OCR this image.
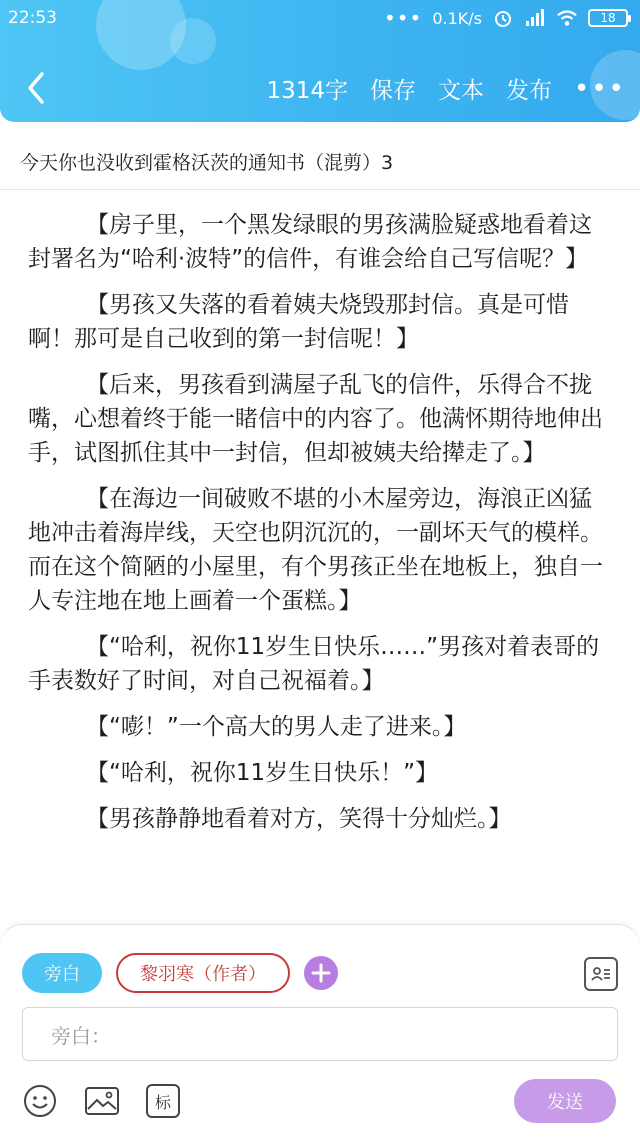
22:53	••• 0.1K/s	18
1314字 保存 文本 发布 •••
今天你也没收到霍格沃茨的通知书（混剪）3

【房子里，一个黑发绿眼的男孩满脸疑惑地看着这封署名为“哈利·波特”的信件，有谁会给自己写信呢？】

【男孩又失落的看着姨夫烧毁那封信。真是可惜啊！那可是自己收到的第一封信呢！】

【后来，男孩看到满屋子乱飞的信件，乐得合不拢嘴，心想着终于能一睹信中的内容了。他满怀期待地伸出手，试图抓住其中一封信，但却被姨夫给撵走了。】

【在海边一间破败不堪的小木屋旁边，海浪正凶猛地冲击着海岸线，天空也阴沉沉的，一副坏天气的模样。而在这个简陋的小屋里，有个男孩正坐在地板上，独自一人专注地在地上画着一个蛋糕。】

【“哈利，祝你11岁生日快乐……”男孩对着表哥的手表数好了时间，对自己祝福着。】

【“嘭！”一个高大的男人走了进来。】

【“哈利，祝你11岁生日快乐！”】

【男孩静静地看着对方，笑得十分灿烂。】

旁白	黎羽寒（作者）
旁白：
标	发送
